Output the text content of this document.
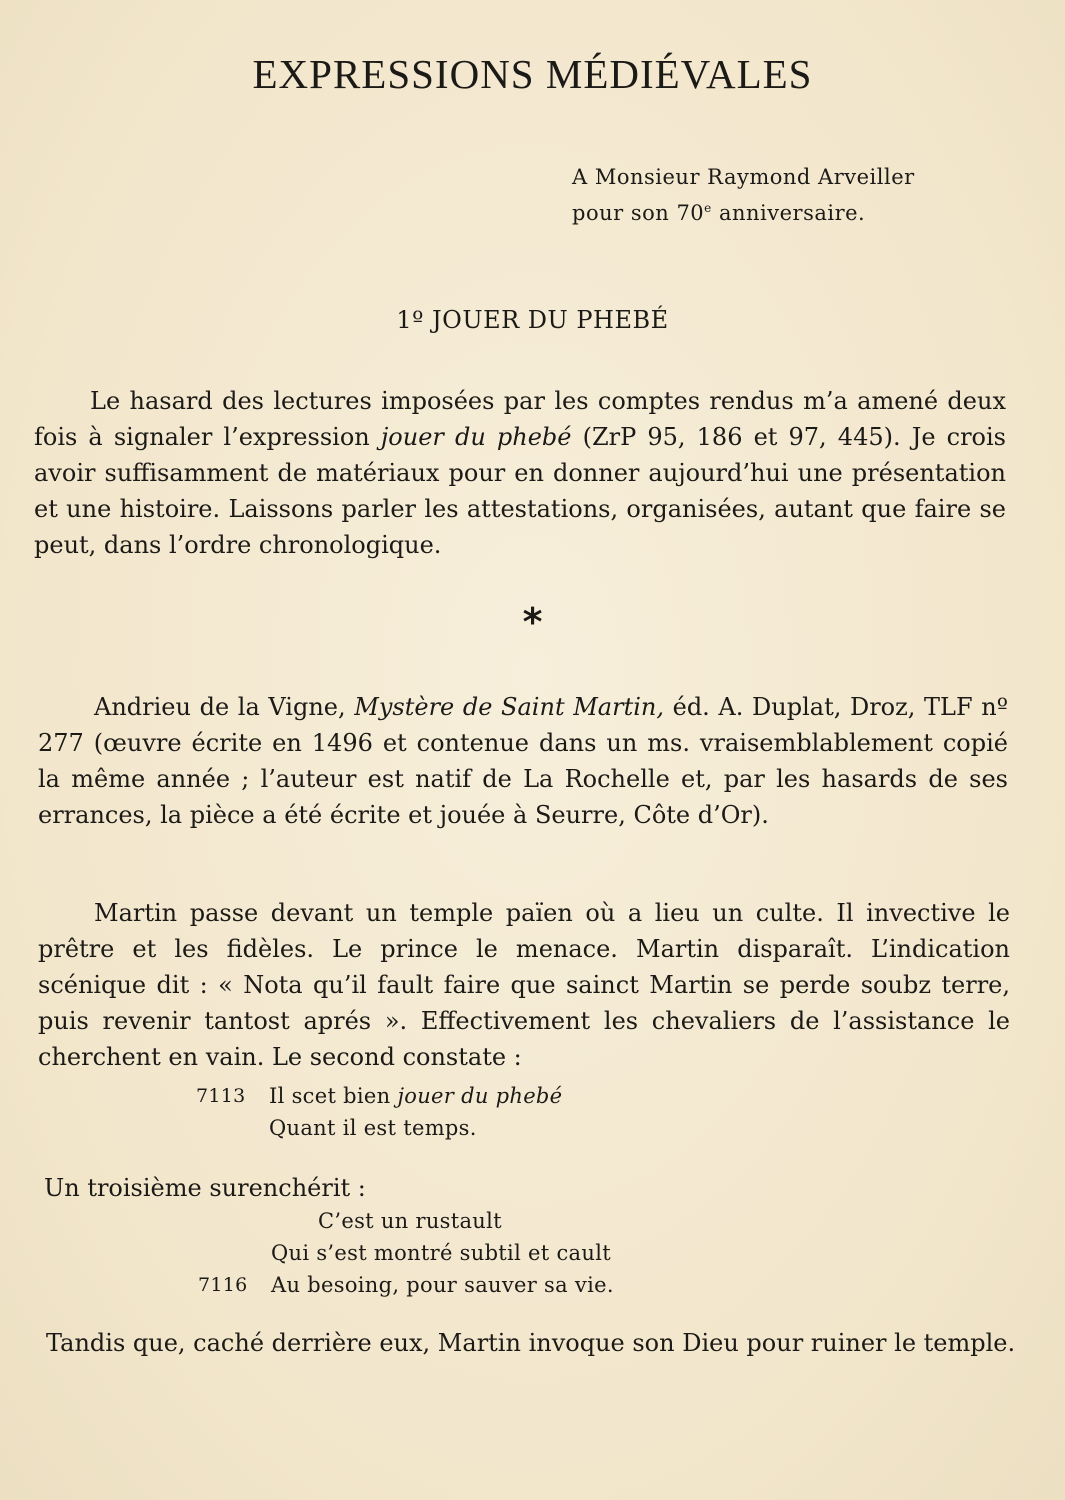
EXPRESSIONS MÉDIÉVALES
A Monsieur Raymond Arveiller
pour son 70e anniversaire.
1º JOUER DU PHEBÉ

Le hasard des lectures imposées par les comptes rendus m’a amené deux fois à signaler l’expression jouer du phebé (ZrP 95, 186 et 97, 445). Je crois avoir suffisamment de matériaux pour en donner aujourd’hui une présentation et une histoire. Laissons parler les attestations, organisées, autant que faire se peut, dans l’ordre chronologique.

*

Andrieu de la Vigne, Mystère de Saint Martin, éd. A. Duplat, Droz, TLF nº 277 (œuvre écrite en 1496 et contenue dans un ms. vraisemblablement copié la même année ; l’auteur est natif de La Rochelle et, par les hasards de ses errances, la pièce a été écrite et jouée à Seurre, Côte d’Or).

Martin passe devant un temple païen où a lieu un culte. Il invective le prêtre et les fidèles. Le prince le menace. Martin disparaît. L’indication scénique dit : « Nota qu’il fault faire que sainct Martin se perde soubz terre, puis revenir tantost aprés ». Effectivement les chevaliers de l’assistance le cherchent en vain. Le second constate :

7113	Il scet bien jouer du phebé
Quant il est temps.

Un troisième surenchérit :

C’est un rustault
Qui s’est montré subtil et cault
7116	Au besoing, pour sauver sa vie.

Tandis que, caché derrière eux, Martin invoque son Dieu pour ruiner le temple.
